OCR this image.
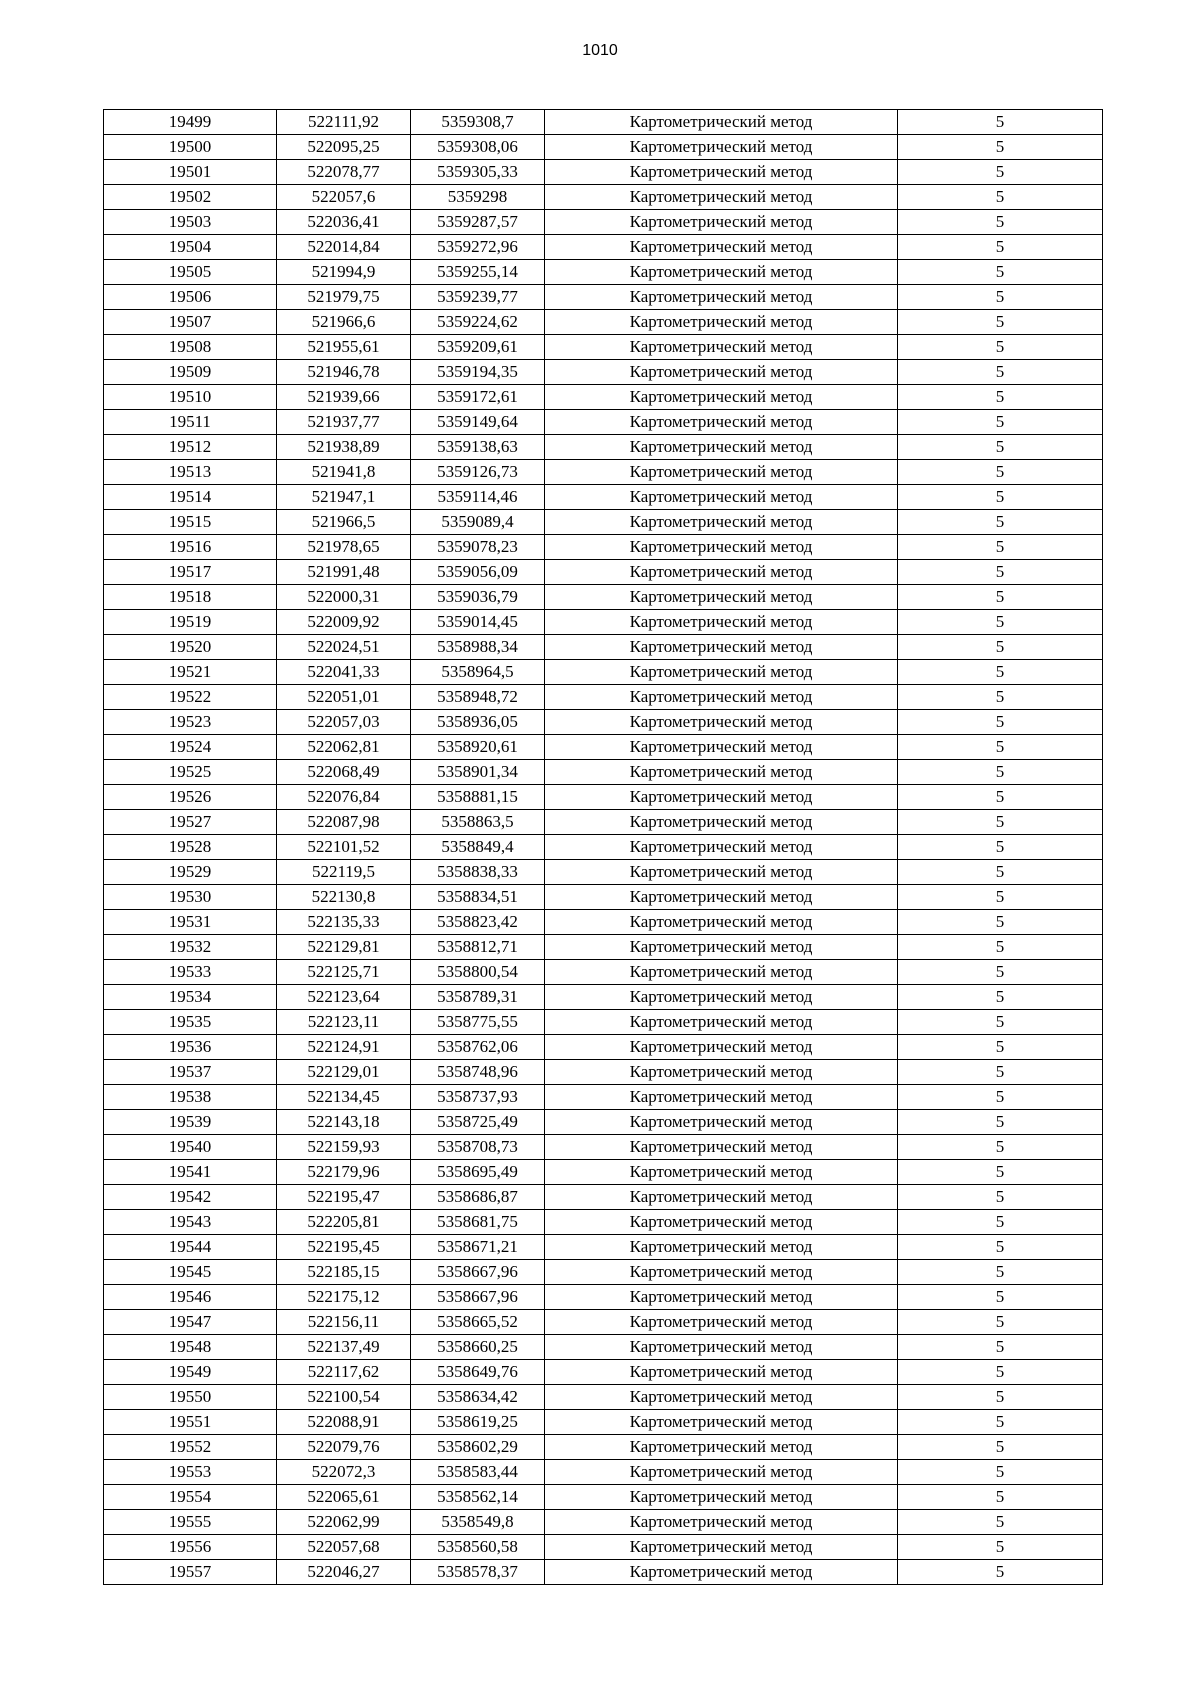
1010
19499	522111,92	5359308,7	Картометрический метод	5
19500	522095,25	5359308,06	Картометрический метод	5
19501	522078,77	5359305,33	Картометрический метод	5
19502	522057,6	5359298	Картометрический метод	5
19503	522036,41	5359287,57	Картометрический метод	5
19504	522014,84	5359272,96	Картометрический метод	5
19505	521994,9	5359255,14	Картометрический метод	5
19506	521979,75	5359239,77	Картометрический метод	5
19507	521966,6	5359224,62	Картометрический метод	5
19508	521955,61	5359209,61	Картометрический метод	5
19509	521946,78	5359194,35	Картометрический метод	5
19510	521939,66	5359172,61	Картометрический метод	5
19511	521937,77	5359149,64	Картометрический метод	5
19512	521938,89	5359138,63	Картометрический метод	5
19513	521941,8	5359126,73	Картометрический метод	5
19514	521947,1	5359114,46	Картометрический метод	5
19515	521966,5	5359089,4	Картометрический метод	5
19516	521978,65	5359078,23	Картометрический метод	5
19517	521991,48	5359056,09	Картометрический метод	5
19518	522000,31	5359036,79	Картометрический метод	5
19519	522009,92	5359014,45	Картометрический метод	5
19520	522024,51	5358988,34	Картометрический метод	5
19521	522041,33	5358964,5	Картометрический метод	5
19522	522051,01	5358948,72	Картометрический метод	5
19523	522057,03	5358936,05	Картометрический метод	5
19524	522062,81	5358920,61	Картометрический метод	5
19525	522068,49	5358901,34	Картометрический метод	5
19526	522076,84	5358881,15	Картометрический метод	5
19527	522087,98	5358863,5	Картометрический метод	5
19528	522101,52	5358849,4	Картометрический метод	5
19529	522119,5	5358838,33	Картометрический метод	5
19530	522130,8	5358834,51	Картометрический метод	5
19531	522135,33	5358823,42	Картометрический метод	5
19532	522129,81	5358812,71	Картометрический метод	5
19533	522125,71	5358800,54	Картометрический метод	5
19534	522123,64	5358789,31	Картометрический метод	5
19535	522123,11	5358775,55	Картометрический метод	5
19536	522124,91	5358762,06	Картометрический метод	5
19537	522129,01	5358748,96	Картометрический метод	5
19538	522134,45	5358737,93	Картометрический метод	5
19539	522143,18	5358725,49	Картометрический метод	5
19540	522159,93	5358708,73	Картометрический метод	5
19541	522179,96	5358695,49	Картометрический метод	5
19542	522195,47	5358686,87	Картометрический метод	5
19543	522205,81	5358681,75	Картометрический метод	5
19544	522195,45	5358671,21	Картометрический метод	5
19545	522185,15	5358667,96	Картометрический метод	5
19546	522175,12	5358667,96	Картометрический метод	5
19547	522156,11	5358665,52	Картометрический метод	5
19548	522137,49	5358660,25	Картометрический метод	5
19549	522117,62	5358649,76	Картометрический метод	5
19550	522100,54	5358634,42	Картометрический метод	5
19551	522088,91	5358619,25	Картометрический метод	5
19552	522079,76	5358602,29	Картометрический метод	5
19553	522072,3	5358583,44	Картометрический метод	5
19554	522065,61	5358562,14	Картометрический метод	5
19555	522062,99	5358549,8	Картометрический метод	5
19556	522057,68	5358560,58	Картометрический метод	5
19557	522046,27	5358578,37	Картометрический метод	5
